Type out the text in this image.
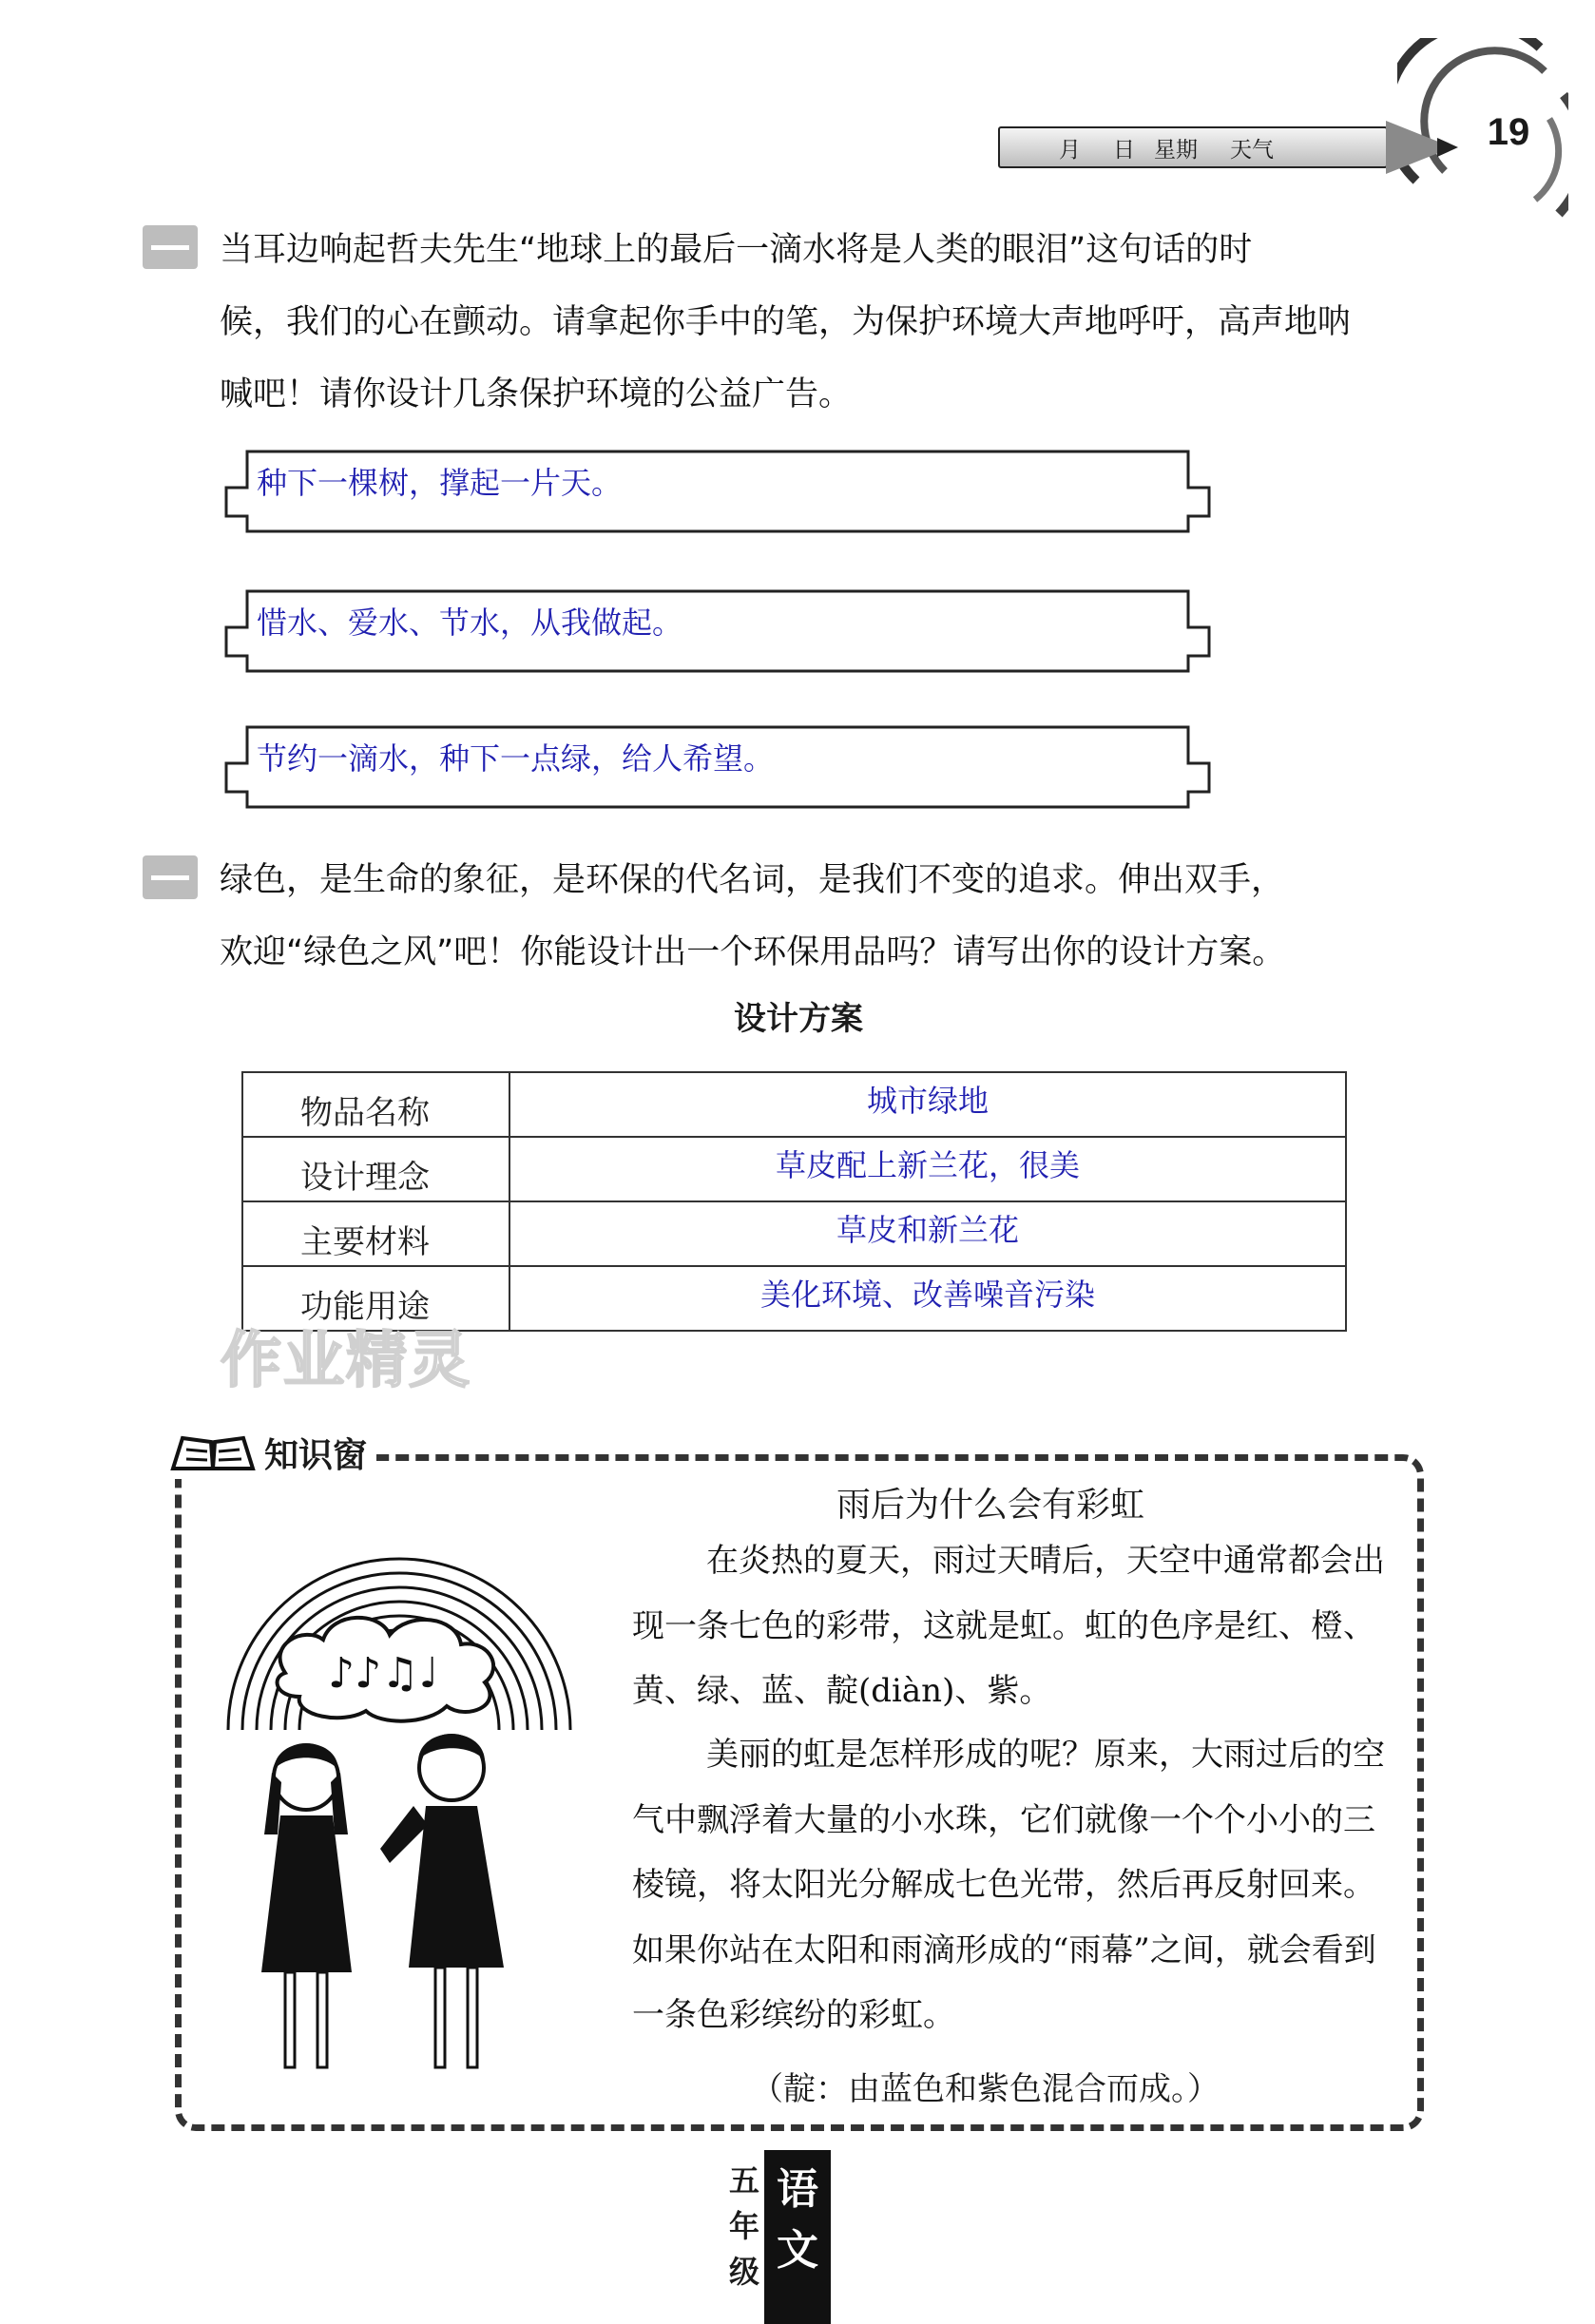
月 日 星期 天气	19
当耳边响起哲夫先生“地球上的最后一滴水将是人类的眼泪”这句话的时
候，我们的心在颤动。请拿起你手中的笔，为保护环境大声地呼吁，高声地呐
喊吧！请你设计几条保护环境的公益广告。
种下一棵树，撑起一片天。
惜水、爱水、节水，从我做起。
节约一滴水，种下一点绿，给人希望。
绿色，是生命的象征，是环保的代名词，是我们不变的追求。伸出双手，
欢迎“绿色之风”吧！你能设计出一个环保用品吗？请写出你的设计方案。
设计方案
物品名称	城市绿地
设计理念	草皮配上新兰花，很美
主要材料	草皮和新兰花
功能用途	美化环境、改善噪音污染
作业精灵
知识窗
雨后为什么会有彩虹
♪♪♫♩

在炎热的夏天，雨过天晴后，天空中通常都会出现一条七色的彩带，这就是虹。虹的色序是红、橙、黄、绿、蓝、靛(diàn)、紫。

美丽的虹是怎样形成的呢？原来，大雨过后的空气中飘浮着大量的小水珠，它们就像一个个小小的三棱镜，将太阳光分解成七色光带，然后再反射回来。如果你站在太阳和雨滴形成的“雨幕”之间，就会看到一条色彩缤纷的彩虹。

（靛：由蓝色和紫色混合而成。）
五
年
级
语
文
